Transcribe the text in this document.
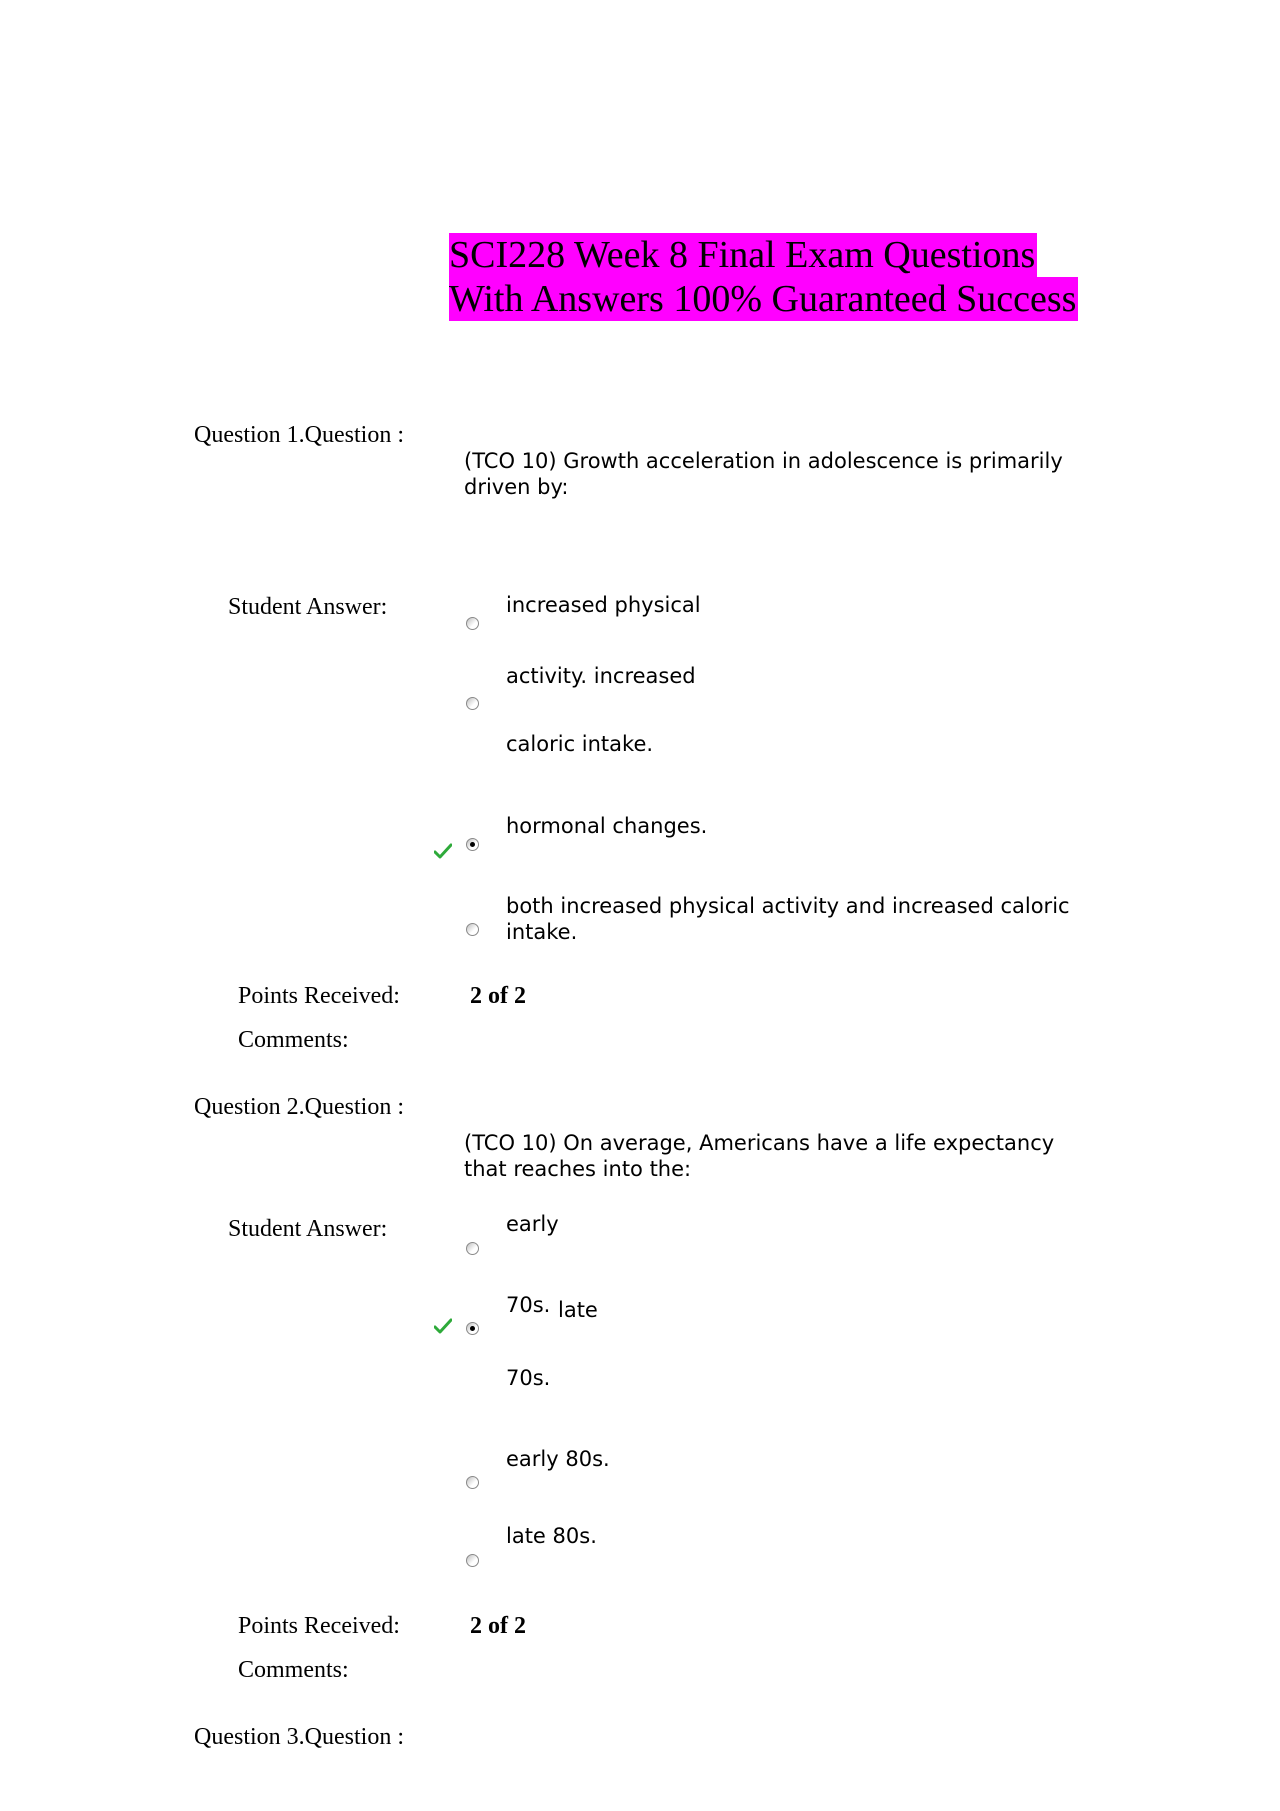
SCI228 Week 8 Final Exam Questions
With Answers 100% Guaranteed Success
Question 1.Question :
(TCO 10) Growth acceleration in adolescence is primarily
driven by:
Student Answer:	increased physical
activity. increased
caloric intake.
hormonal changes.
both increased physical activity and increased caloric
intake.
Points Received:	2 of 2
Comments:
Question 2.Question :
(TCO 10) On average, Americans have a life expectancy
that reaches into the:
Student Answer:	early
70s. late
70s.
early 80s.
late 80s.
Points Received:	2 of 2
Comments:
Question 3.Question :
